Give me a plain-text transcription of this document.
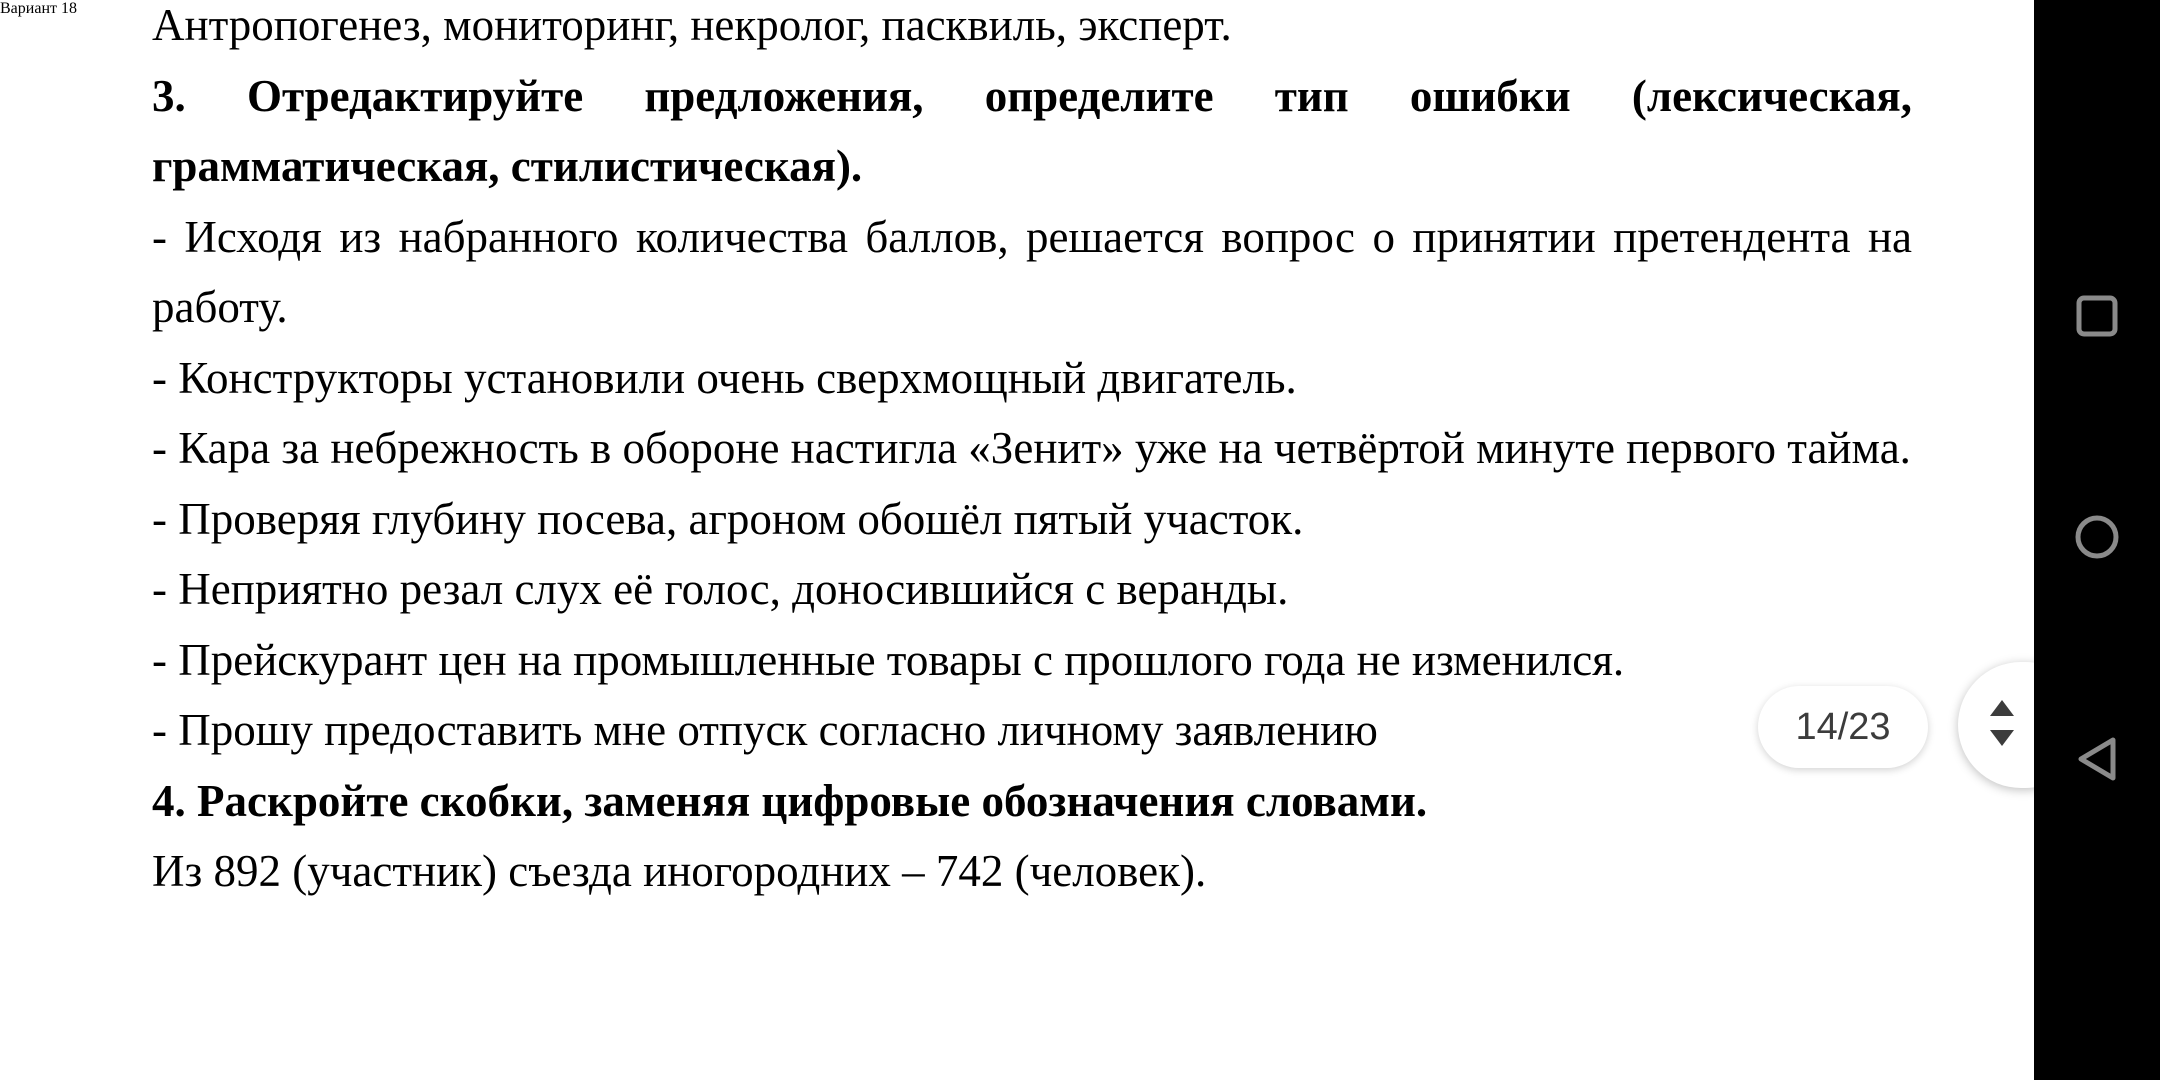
Антропогенез, мониторинг, некролог, пасквиль, эксперт.

3. Отредактируйте предложения, определите тип ошибки (лексическая, грамматическая, стилистическая).

- Исходя из набранного количества баллов, решается вопрос о принятии претендента на работу.

- Конструкторы установили очень сверхмощный двигатель.

- Кара за небрежность в обороне настигла «Зенит» уже на четвёртой минуте первого тайма.

- Проверяя глубину посева, агроном обошёл пятый участок.

- Неприятно резал слух её голос, доносившийся с веранды.

- Прейскурант цен на промышленные товары с прошлого года не изменился.

- Прошу предоставить мне отпуск согласно личному заявлению

4. Раскройте скобки, заменяя цифровые обозначения словами.

Из 892 (участник) съезда иногородних – 742 (человек).

Вариант 18
14/23
